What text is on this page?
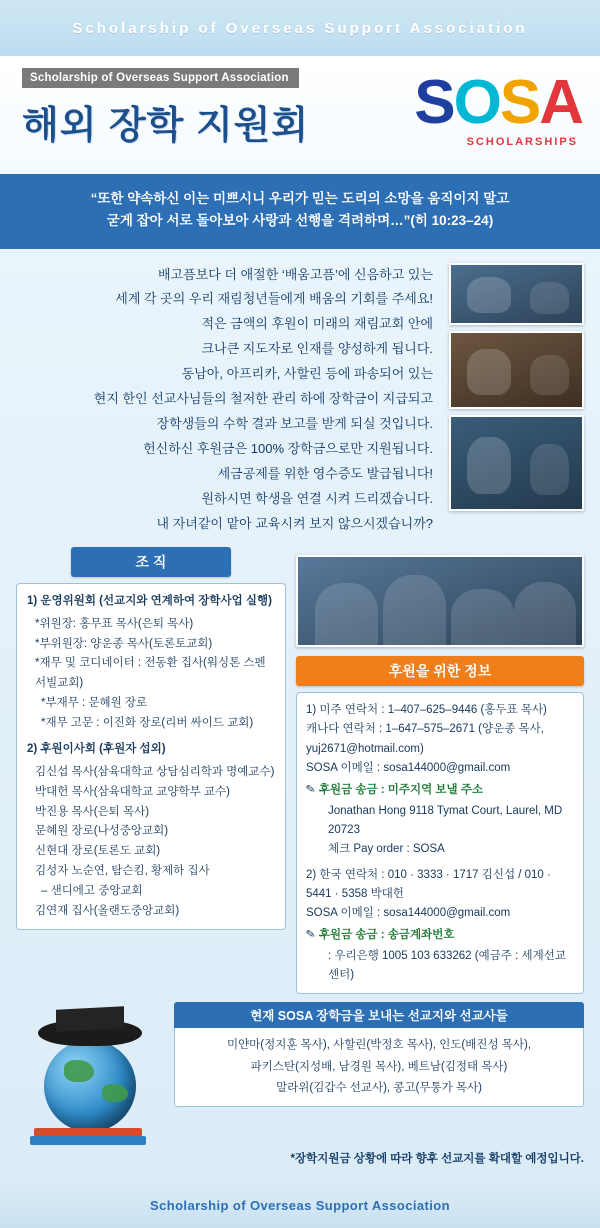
Scholarship of Overseas Support Association
Scholarship of Overseas Support Association
해외 장학 지원회 SOSA
SCHOLARSHIPS
“또한 약속하신 이는 미쁘시니 우리가 믿는 도리의 소망을 움직이지 말고
굳게 잡아 서로 돌아보아 사랑과 선행을 격려하며…”(히 10:23–24)
배고픔보다 더 애절한 ‘배움고픔’에 신음하고 있는
세계 각 곳의 우리 재림청년들에게 배움의 기회를 주세요!
적은 금액의 후원이 미래의 재림교회 안에
크나큰 지도자로 인재를 양성하게 됩니다.
동남아, 아프리카, 사할린 등에 파송되어 있는
현지 한인 선교사님들의 철저한 관리 하에 장학금이 지급되고
장학생들의 수학 결과 보고를 받게 되실 것입니다.
헌신하신 후원금은 100% 장학금으로만 지원됩니다.
세금공제를 위한 영수증도 발급됩니다!
원하시면 학생을 연결 시켜 드리겠습니다.
내 자녀같이 맡아 교육시켜 보지 않으시겠습니까?
조 직
1) 운영위원회 (선교지와 연계하여 장학사업 실행)
*위원장: 홍무표 목사(은퇴 목사)
*부위원장: 양운종 목사(토론토교회)
*재무 및 코디네이터 : 전동환 집사(워싱톤 스펜서빌교회)
*부재무 : 문혜원 장로
*재무 고문 : 이진화 장로(리버 싸이드 교회)
2) 후원이사회 (후원자 섭외)
김신섭 목사(삼육대학교 상담심리학과 명예교수)
박대헌 목사(삼육대학교 교양학부 교수)
박진용 목사(은퇴 목사)
문혜원 장로(나성중앙교회)
신현대 장로(토론도 교회)
김성자 노순연, 탐슨킴, 황제하 집사
– 샌디에고 중앙교회
김연재 집사(올랜도중앙교회)
후원을 위한 정보
1) 미주 연락처 : 1–407–625–9446 (홍두표 목사)
캐나다 연락처 : 1–647–575–2671 (양운종 목사, yuj2671@hotmail.com)
SOSA 이메일 : sosa144000@gmail.com
✎ 후원금 송금 : 미주지역 보낼 주소
Jonathan Hong 9118 Tymat Court, Laurel, MD 20723
체크 Pay order : SOSA
2) 한국 연락처 : 010 · 3333 · 1717 김신섭 / 010 · 5441 · 5358 박대헌
SOSA 이메일 : sosa144000@gmail.com
✎ 후원금 송금 : 송금계좌번호
: 우리은행 1005 103 633262 (예금주 : 세계선교센터)
현재 SOSA 장학금을 보내는 선교지와 선교사들
미얀마(정지훈 목사), 사할린(박정호 목사), 인도(배진성 목사),
파키스탄(지성배, 남경원 목사), 베트남(김정태 목사)
말라위(김갑수 선교사), 콩고(무통가 목사)
*장학지원금 상황에 따라 향후 선교지를 확대할 예정입니다.
Scholarship of Overseas Support Association
